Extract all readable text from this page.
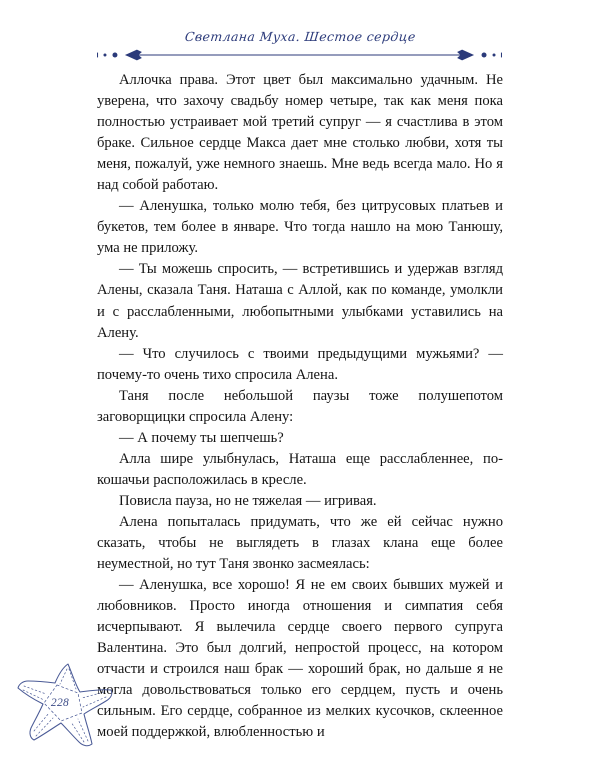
Светлана Муха. Шестое сердце

Аллочка права. Этот цвет был максимально удачным. Не уверена, что захочу свадьбу номер четыре, так как меня пока полностью устраивает мой третий супруг — я счастлива в этом браке. Сильное сердце Макса дает мне столько любви, хотя ты меня, пожалуй, уже немного знаешь. Мне ведь всегда мало. Но я над собой работаю.

— Аленушка, только молю тебя, без цитрусовых платьев и букетов, тем более в январе. Что тогда нашло на мою Танюшу, ума не приложу.

— Ты можешь спросить, — встретившись и удержав взгляд Алены, сказала Таня. Наташа с Аллой, как по команде, умолкли и с расслабленными, любопытными улыбками уставились на Алену.

— Что случилось с твоими предыдущими мужьями? — почему-то очень тихо спросила Алена.

Таня после небольшой паузы тоже полушепотом заговорщицки спросила Алену:

— А почему ты шепчешь?

Алла шире улыбнулась, Наташа еще расслабленнее, по-кошачьи расположилась в кресле.

Повисла пауза, но не тяжелая — игривая.

Алена попыталась придумать, что же ей сейчас нужно сказать, чтобы не выглядеть в глазах клана еще более неуместной, но тут Таня звонко засмеялась:

— Аленушка, все хорошо! Я не ем своих бывших мужей и любовников. Просто иногда отношения и симпатия себя исчерпывают. Я вылечила сердце своего первого супруга Валентина. Это был долгий, непростой процесс, на котором отчасти и строился наш брак — хороший брак, но дальше я не могла довольствоваться только его сердцем, пусть и очень сильным. Его сердце, собранное из мелких кусочков, склеенное моей поддержкой, влюбленностью и

228
